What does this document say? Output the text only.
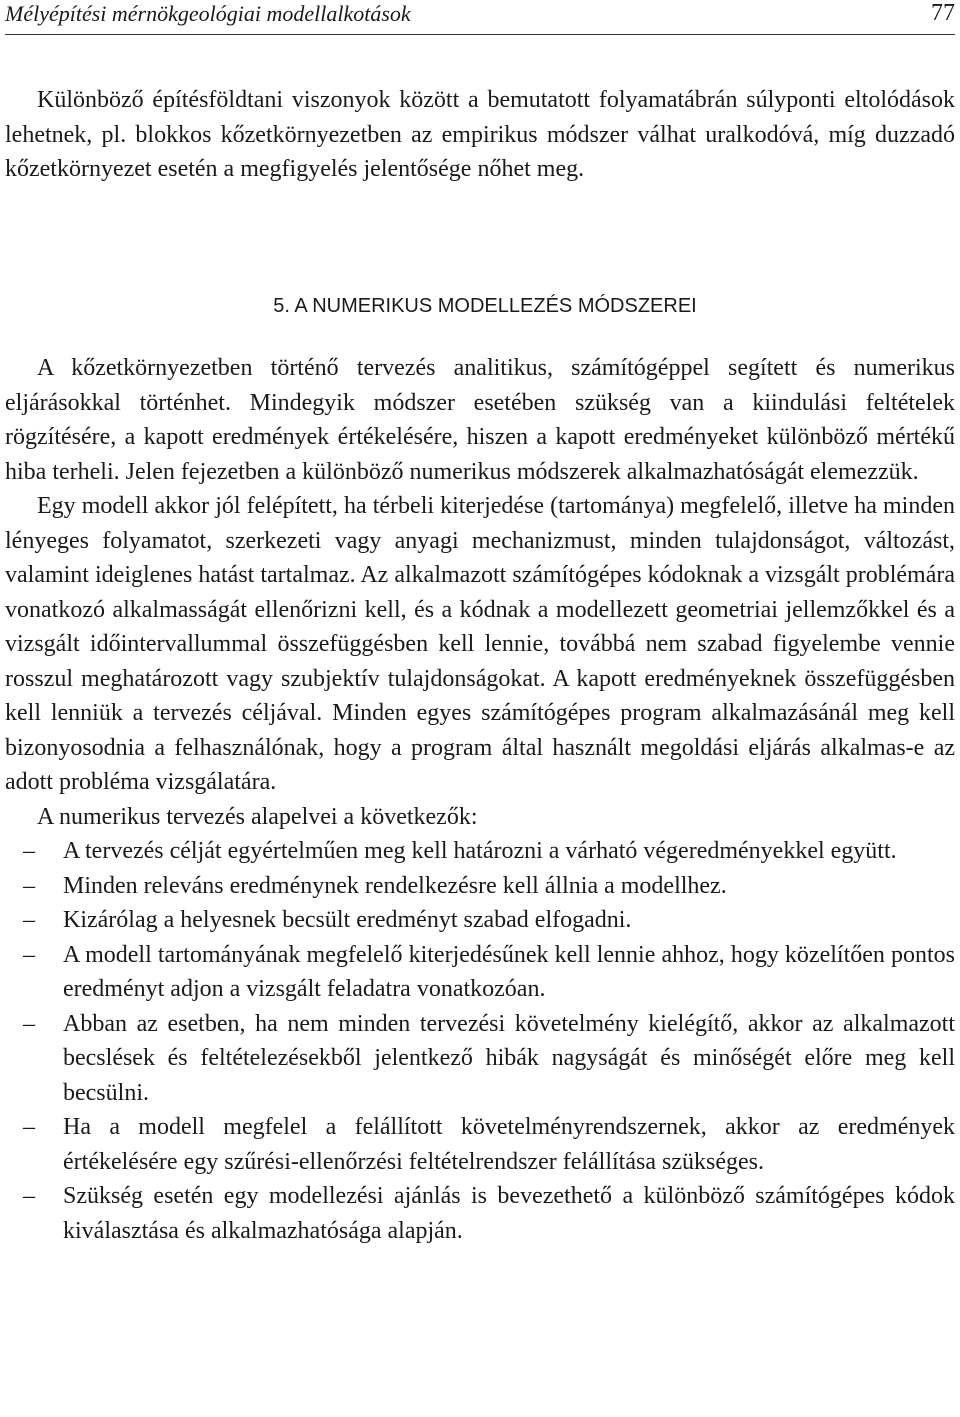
Mélyépítési mérnökgeológiai modellalkotások	77

Különböző építésföldtani viszonyok között a bemutatott folyamatábrán súlyponti eltolódások lehetnek, pl. blokkos kőzetkörnyezetben az empirikus módszer válhat uralkodóvá, míg duzzadó kőzetkörnyezet esetén a megfigyelés jelentősége nőhet meg.

5. A NUMERIKUS MODELLEZÉS MÓDSZEREI

A kőzetkörnyezetben történő tervezés analitikus, számítógéppel segített és numerikus eljárásokkal történhet. Mindegyik módszer esetében szükség van a kiindulási feltételek rögzítésére, a kapott eredmények értékelésére, hiszen a kapott eredményeket különböző mértékű hiba terheli. Jelen fejezetben a különböző numerikus módszerek alkalmazhatóságát elemezzük.

Egy modell akkor jól felépített, ha térbeli kiterjedése (tartománya) megfelelő, illetve ha minden lényeges folyamatot, szerkezeti vagy anyagi mechanizmust, minden tulajdonságot, változást, valamint ideiglenes hatást tartalmaz. Az alkalmazott számítógépes kódoknak a vizsgált problémára vonatkozó alkalmasságát ellenőrizni kell, és a kódnak a modellezett geometriai jellemzőkkel és a vizsgált időintervallummal összefüggésben kell lennie, továbbá nem szabad figyelembe vennie rosszul meghatározott vagy szubjektív tulajdonságokat. A kapott eredményeknek összefüggésben kell lenniük a tervezés céljával. Minden egyes számítógépes program alkalmazásánál meg kell bizonyosodnia a felhasználónak, hogy a program által használt megoldási eljárás alkalmas-e az adott probléma vizsgálatára.

A numerikus tervezés alapelvei a következők:

– A tervezés célját egyértelműen meg kell határozni a várható végeredményekkel együtt.
– Minden releváns eredménynek rendelkezésre kell állnia a modellhez.
– Kizárólag a helyesnek becsült eredményt szabad elfogadni.
– A modell tartományának megfelelő kiterjedésűnek kell lennie ahhoz, hogy közelítően pontos eredményt adjon a vizsgált feladatra vonatkozóan.
– Abban az esetben, ha nem minden tervezési követelmény kielégítő, akkor az alkalmazott becslések és feltételezésekből jelentkező hibák nagyságát és minőségét előre meg kell becsülni.
– Ha a modell megfelel a felállított követelményrendszernek, akkor az eredmények értékelésére egy szűrési-ellenőrzési feltételrendszer felállítása szükséges.
– Szükség esetén egy modellezési ajánlás is bevezethető a különböző számítógépes kódok kiválasztása és alkalmazhatósága alapján.
